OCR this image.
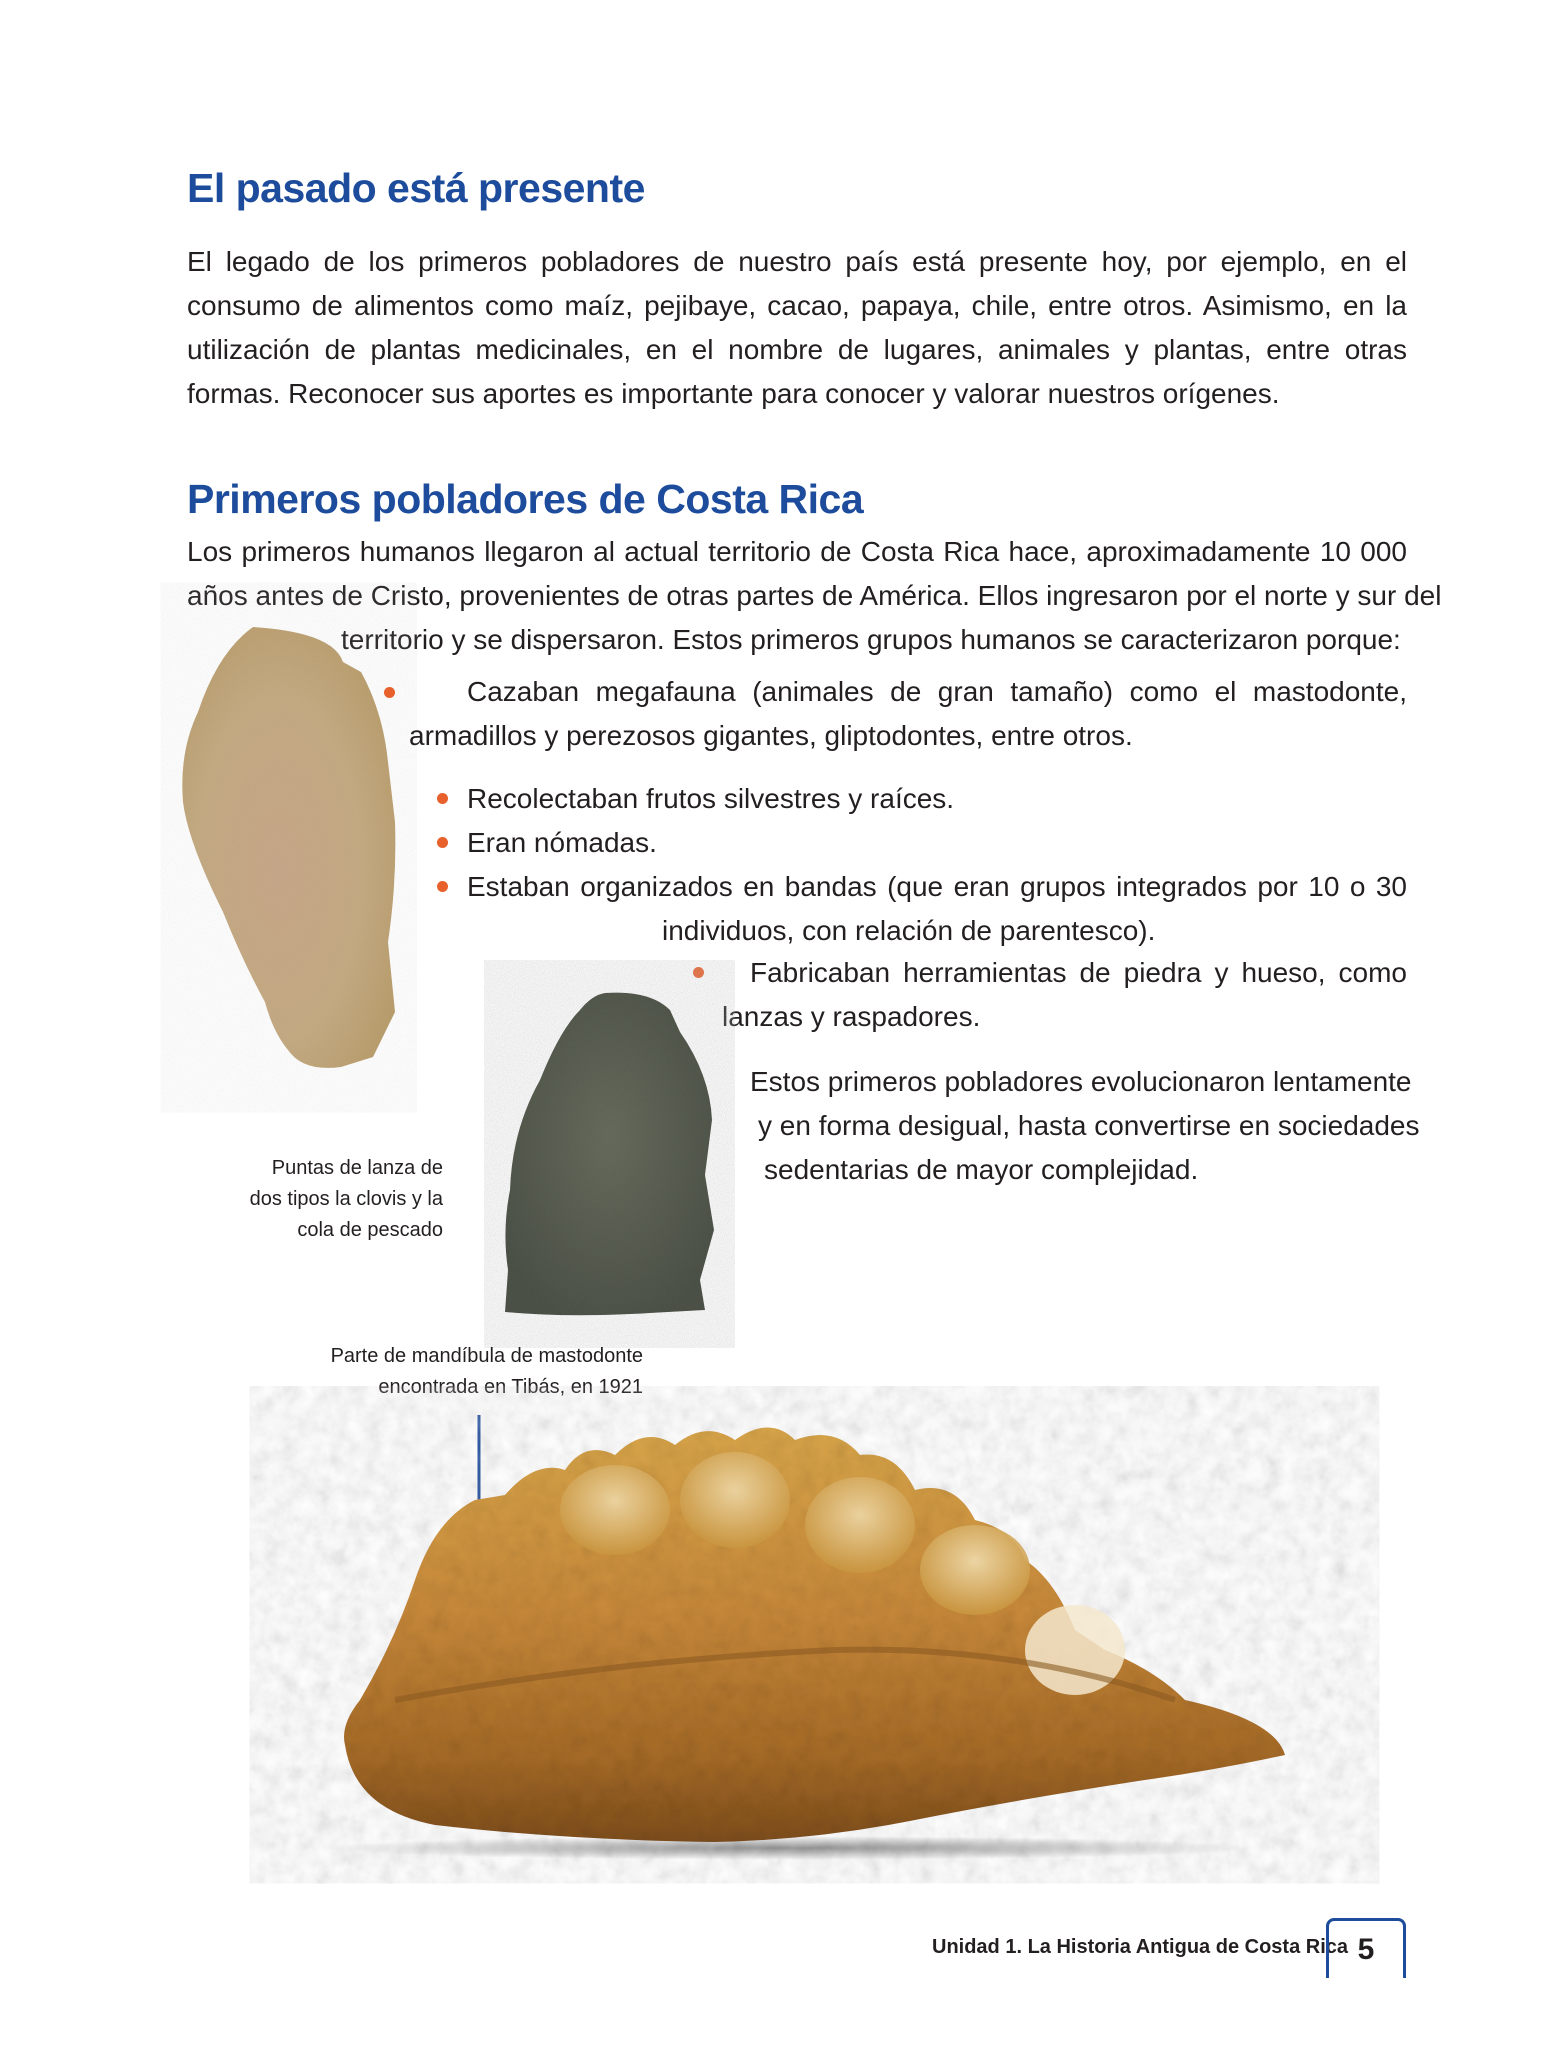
El pasado está presente

El legado de los primeros pobladores de nuestro país está presente hoy, por ejemplo, en el consumo de alimentos como maíz, pejibaye, cacao, papaya, chile, entre otros. Asimismo, en la utilización de plantas medicinales, en el nombre de lugares, animales y plantas, entre otras formas. Reconocer sus aportes es importante para conocer y valorar nuestros orígenes.

Primeros pobladores de Costa Rica
Los primeros humanos llegaron al actual territorio de Costa Rica hace, aproximadamente 10 000
años antes de Cristo, provenientes de otras partes de América. Ellos ingresaron por el norte y sur del
territorio y se dispersaron. Estos primeros grupos humanos se caracterizaron porque:
Cazaban megafauna (animales de gran tamaño) como el mastodonte,
armadillos y perezosos gigantes, gliptodontes, entre otros.
Recolectaban frutos silvestres y raíces.
Eran nómadas.
Estaban organizados en bandas (que eran grupos integrados por 10 o 30
individuos, con relación de parentesco).
Fabricaban herramientas de piedra y hueso, como
lanzas y raspadores.
Estos primeros pobladores evolucionaron lentamente
y en forma desigual, hasta convertirse en sociedades
sedentarias de mayor complejidad.
Puntas de lanza de
dos tipos la clovis y la
cola de pescado
Parte de mandíbula de mastodonte
encontrada en Tibás, en 1921
Unidad 1. La Historia Antigua de Costa Rica 5
